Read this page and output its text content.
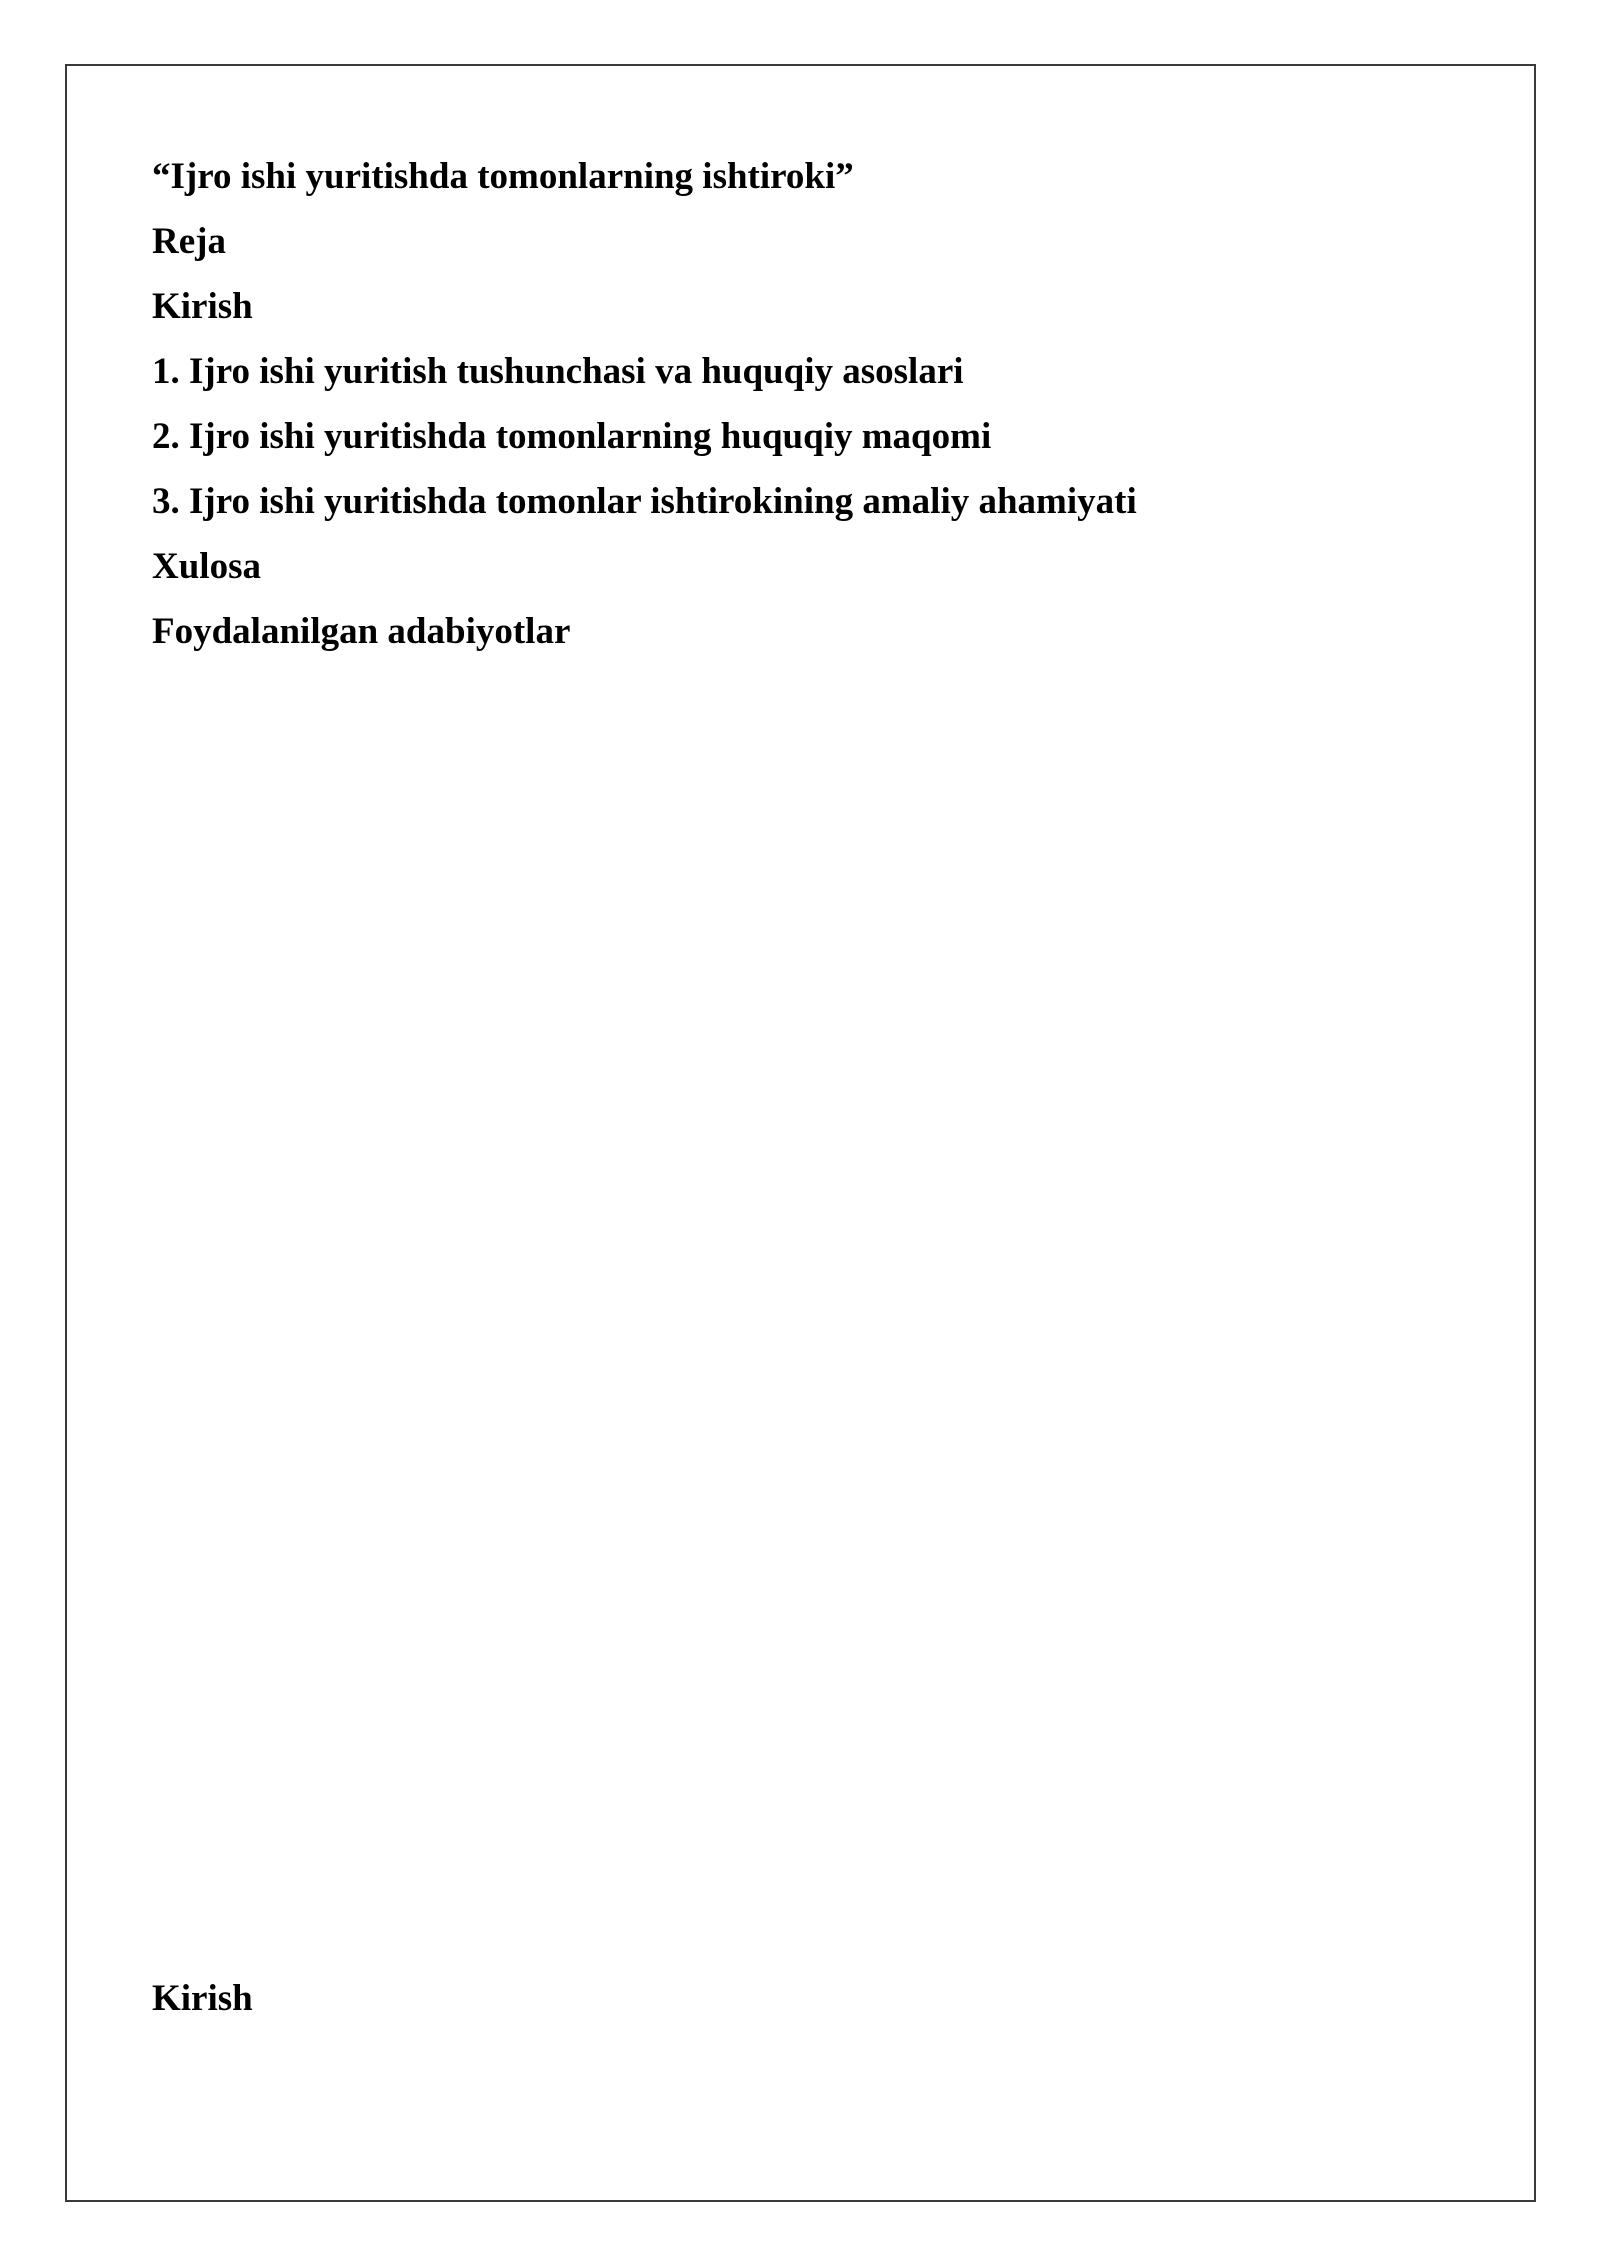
“Ijro ishi yuritishda tomonlarning ishtiroki”

Reja

Kirish

1. Ijro ishi yuritish tushunchasi va huquqiy asoslari

2. Ijro ishi yuritishda tomonlarning huquqiy maqomi

3. Ijro ishi yuritishda tomonlar ishtirokining amaliy ahamiyati

Xulosa

Foydalanilgan adabiyotlar

Kirish
